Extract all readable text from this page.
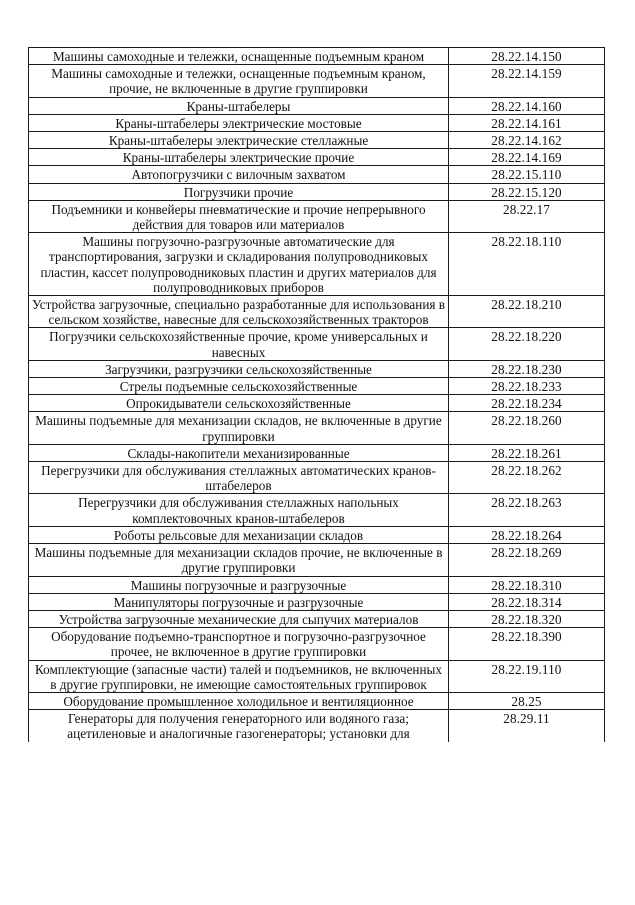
Машины самоходные и тележки, оснащенные подъемным краном	28.22.14.150
Машины самоходные и тележки, оснащенные подъемным краном, прочие, не включенные в другие группировки	28.22.14.159
Краны-штабелеры	28.22.14.160
Краны-штабелеры электрические мостовые	28.22.14.161
Краны-штабелеры электрические стеллажные	28.22.14.162
Краны-штабелеры электрические прочие	28.22.14.169
Автопогрузчики с вилочным захватом	28.22.15.110
Погрузчики прочие	28.22.15.120
Подъемники и конвейеры пневматические и прочие непрерывного действия для товаров или материалов	28.22.17
Машины погрузочно-разгрузочные автоматические для транспортирования, загрузки и складирования полупроводниковых пластин, кассет полупроводниковых пластин и других материалов для полупроводниковых приборов	28.22.18.110
Устройства загрузочные, специально разработанные для использования в сельском хозяйстве, навесные для сельскохозяйственных тракторов	28.22.18.210
Погрузчики сельскохозяйственные прочие, кроме универсальных и навесных	28.22.18.220
Загрузчики, разгрузчики сельскохозяйственные	28.22.18.230
Стрелы подъемные сельскохозяйственные	28.22.18.233
Опрокидыватели сельскохозяйственные	28.22.18.234
Машины подъемные для механизации складов, не включенные в другие группировки	28.22.18.260
Склады-накопители механизированные	28.22.18.261
Перегрузчики для обслуживания стеллажных автоматических кранов-штабелеров	28.22.18.262
Перегрузчики для обслуживания стеллажных напольных комплектовочных кранов-штабелеров	28.22.18.263
Роботы рельсовые для механизации складов	28.22.18.264
Машины подъемные для механизации складов прочие, не включенные в другие группировки	28.22.18.269
Машины погрузочные и разгрузочные	28.22.18.310
Манипуляторы погрузочные и разгрузочные	28.22.18.314
Устройства загрузочные механические для сыпучих материалов	28.22.18.320
Оборудование подъемно-транспортное и погрузочно-разгрузочное прочее, не включенное в другие группировки	28.22.18.390
Комплектующие (запасные части) талей и подъемников, не включенных в другие группировки, не имеющие самостоятельных группировок	28.22.19.110
Оборудование промышленное холодильное и вентиляционное	28.25
Генераторы для получения генераторного или водяного газа; ацетиленовые и аналогичные газогенераторы; установки для	28.29.11
